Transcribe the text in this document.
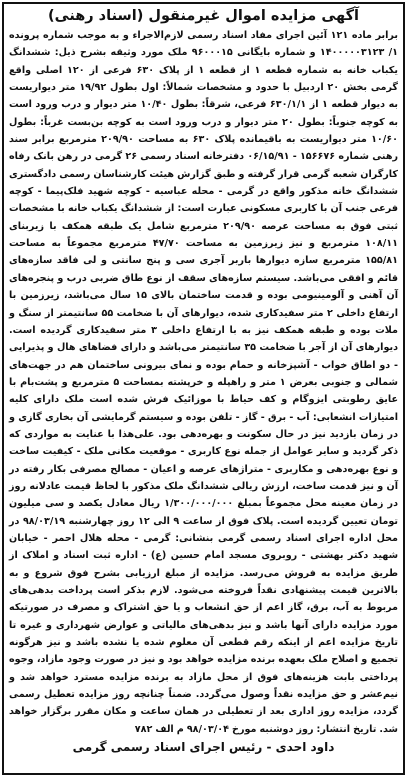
آگهی مزایده اموال غیرمنقول (اسناد رهنی)

برابر ماده ۱۲۱ آئین اجرای مفاد اسناد رسمی لازم‌الاجراء و به موجب شماره پرونده ۱/ ۱۴۰۰۰۰۰۳۱۲۳ و شماره بایگانی ۹۶۰۰۰۱۵ ملک مورد وثیقه بشرح ذیل: ششدانگ یکباب خانه به شماره قطعه ۱ از قطعه ۱ از پلاک ۶۳۰ فرعی از ۱۲۰ اصلی واقع گرمی بخش ۲۰ اردبیل با حدود و مشخصات شمالاً: اول بطول ۱۹/۹۲ متر دیواریست به دیوار قطعه ۱ از ۶۳۰/۱/۱ فرعی، شرقاً: بطول ۱۰/۴۰ متر دیوار و درب ورود است به کوچه جنوباً: بطول ۲۰ متر دیوار و درب ورود است به کوچه بن‌بست غرباً: بطول ۱۰/۶۰ متر دیواریست به باقیمانده پلاک ۶۳۰ به مساحت ۲۰۹/۹۰ مترمربع برابر سند رهنی شماره ۱۵۶۶۷۶ - ۰۶/۱۵/۹۱ دفترخانه اسناد رسمی ۲۶ گرمی در رهن بانک رفاه کارگران شعبه گرمی قرار گرفته و طبق گزارش هیئت کارشناسان رسمی دادگستری ششدانگ خانه مذکور واقع در گرمی - محله عباسیه - کوچه شهید فلک‌پیما - کوچه فرعی جنب آن با کاربری مسکونی عبارت است: از ششدانگ یکباب خانه با مشخصات ثبتی فوق به مساحت عرصه ۲۰۹/۹۰ مترمربع شامل یک طبقه همکف با زیربنای ۱۰۸/۱۱ مترمربع و نیز زیرزمین به مساحت ۴۷/۷۰ مترمربع مجموعاً به مساحت ۱۵۵/۸۱ مترمربع سازه دیوارها باربر آجری سی و پنج سانتی و لی فاقد سازه‌های قائم و افقی می‌باشد. سیستم سازه‌های سقف از نوع طاق ضربی درب و پنجره‌های آن آهنی و آلومینیومی بوده و قدمت ساختمان بالای ۱۵ سال می‌باشد، زیرزمین با ارتفاع داخلی ۲ متر سفیدکاری شده، دیوارهای آن با ضخامت ۵۵ سانتیمتر از سنگ و ملات بوده و طبقه همکف نیز به با ارتفاع داخلی ۳ متر سفیدکاری گردیده است. دیوارهای آن از آجر با ضخامت ۳۵ سانتیمتر می‌باشد و دارای فضاهای هال و پذیرایی - دو اطاق خواب - آشپزخانه و حمام بوده و نمای بیرونی ساختمان هم در جهت‌های شمالی و جنوبی بعرض ۱ متر و راهپله و خرپشته بمساحت ۵ مترمربع و پشت‌بام با عایق رطوبتی ایزوگام و کف حیاط با موزائیک فرش شده است ملک دارای کلیه امتیازات انشعابی: آب - برق - گاز - تلفن بوده و سیستم گرمایشی آن بخاری گازی و در زمان بازدید نیز در حال سکونت و بهره‌دهی بود. علی‌هذا با عنایت به مواردی که ذکر گردید و سایر عوامل از جمله نوع کاربری - موقعیت مکانی ملک - کیفیت ساخت و نوع بهره‌دهی و مکاربری - متراژهای عرصه و اعیان - مصالح مصرفی بکار رفته در آن و نیز قدمت ساخت، ارزش ریالی ششدانگ ملک مذکور با لحاظ قیمت عادلانه روز در زمان معینه محل مجموعاً بمبلغ ۱/۳۰۰/۰۰۰/۰۰۰ ریال معادل یکصد و سی میلیون تومان تعیین گردیده است. پلاک فوق از ساعت ۹ الی ۱۲ روز چهارشنبه ۹۸/۰۳/۱۹ در محل اداره اجرای اسناد رسمی گرمی بنشانی: گرمی - محله هلال احمر - خیابان شهید دکتر بهشتی - روبروی مسجد امام حسین (ع) - اداره ثبت اسناد و املاک از طریق مزایده به فروش می‌رسد. مزایده از مبلغ ارزیابی بشرح فوق شروع و به بالاترین قیمت پیشنهادی نقداً فروخته می‌شود. لازم بذکر است پرداخت بدهی‌های مربوط به آب، برق، گاز اعم از حق انشعاب و یا حق اشتراک و مصرف در صورتیکه مورد مزایده دارای آنها باشد و نیز بدهی‌های مالیاتی و عوارض شهرداری و غیره تا تاریخ مزایده اعم از اینکه رقم قطعی آن معلوم شده یا نشده باشد و نیز هرگونه تجمیع و اصلاح ملک بعهده برنده مزایده خواهد بود و نیز در صورت وجود مازاد، وجوه پرداختی بابت هزینه‌های فوق از محل مازاد به برنده مزایده مسترد خواهد شد و نیم‌عشر و حق مزایده نقداً وصول می‌گردد. ضمناً چنانچه روز مزایده تعطیل رسمی گردد، مزایده روز اداری بعد از تعطیلی در همان ساعت و مکان مقرر برگزار خواهد شد. تاریخ انتشار: روز دوشنبه مورخ ۹۸/۰۳/۰۴ م الف ۷۸۲

داود احدی - رئیس اجرای اسناد رسمی گرمی
